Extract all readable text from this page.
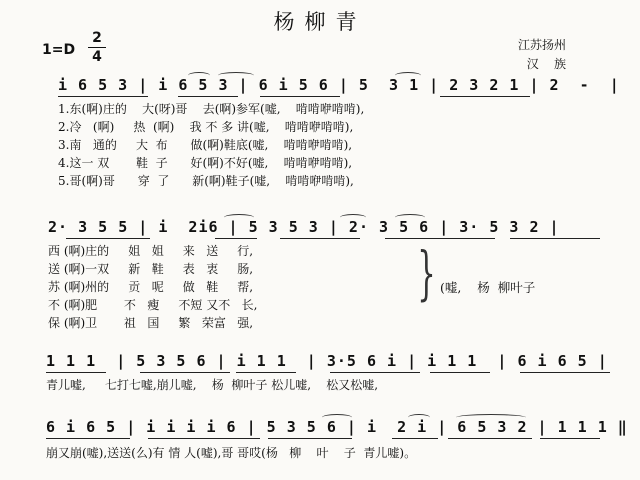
杨柳青
1=D
2
4
江苏扬州
汉    族
i 6 5 3 | i 6 5 3 | 6 i 5 6 | 5  3 1 | 2 3 2 1 | 2  -  |
1.东(啊)庄的    大(呀)哥    去(啊)参军(嘘,    啃啃咿啃啃),
2.冷   (啊)     热  (啊)    我 不 多 讲(嘘,    啃啃咿啃啃),
3.南   通的     大  布      做(啊)鞋底(嘘,    啃啃咿啃啃),
4.这一 双       鞋  子      好(啊)不好(嘘,    啃啃咿啃啃),
5.哥(啊)哥      穿  了      新(啊)鞋子(嘘,    啃啃咿啃啃),
2· 3 5 5 | i  2i6 | 5 3 5 3 | 2· 3 5 6 | 3· 5 3 2 |
西 (啊)庄的     姐   姐     来   送     行,
送 (啊)一双     新   鞋     表   衷     肠,
苏 (啊)州的     贡   呢     做   鞋     帮,
不 (啊)肥       不   瘦     不短 又不   长,
保 (啊)卫       祖   国     繁   荣富   强,
} (嘘,    杨  柳叶子
1 1 1  | 5 3 5 6 | i 1 1  | 3·5 6 i | i 1 1  | 6 i 6 5 |
青儿嘘,     七打七嘘,崩儿嘘,    杨  柳叶子 松儿嘘,    松又松嘘,
6 i 6 5 | i i i i 6 | 5 3 5 6 | i  2 i | 6 5 3 2 | 1 1 1 ‖
崩又崩(嘘),送送(么)有 情 人(嘘),哥 哥哎(杨   柳    叶    子  青儿嘘)。
